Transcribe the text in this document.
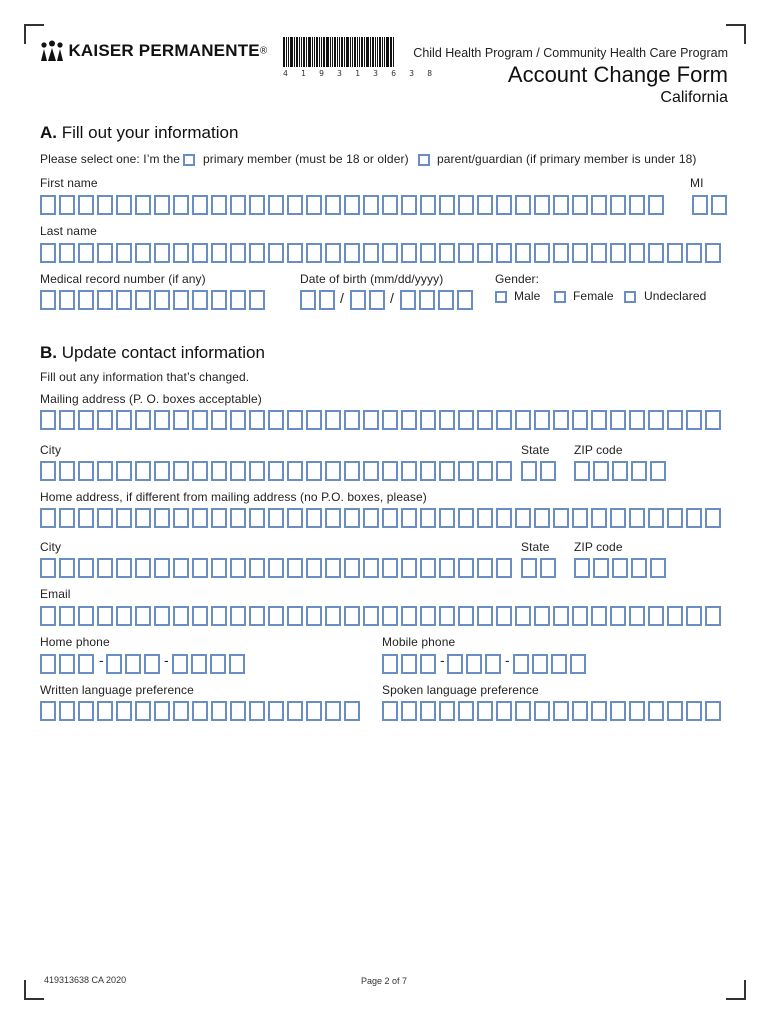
KAISER PERMANENTE®
4 1 9 3 1 3 6 3 8
Child Health Program / Community Health Care Program
Account Change Form
California
A. Fill out your information
Please select one: I’m the primary member (must be 18 or older) parent/guardian (if primary member is under 18)
First name	MI
Last name
Medical record number (if any)	Date of birth (mm/dd/yyyy)
/	/
Gender:
Male	Female	Undeclared
B. Update contact information
Fill out any information that’s changed.
Mailing address (P. O. boxes acceptable)
City	State ZIP code
Home address, if different from mailing address (no P.O. boxes, please)
City	State ZIP code
Email
Home phone
-	-
Mobile phone
-	-
Written language preference	Spoken language preference
419313638 CA 2020	Page 2 of 7
